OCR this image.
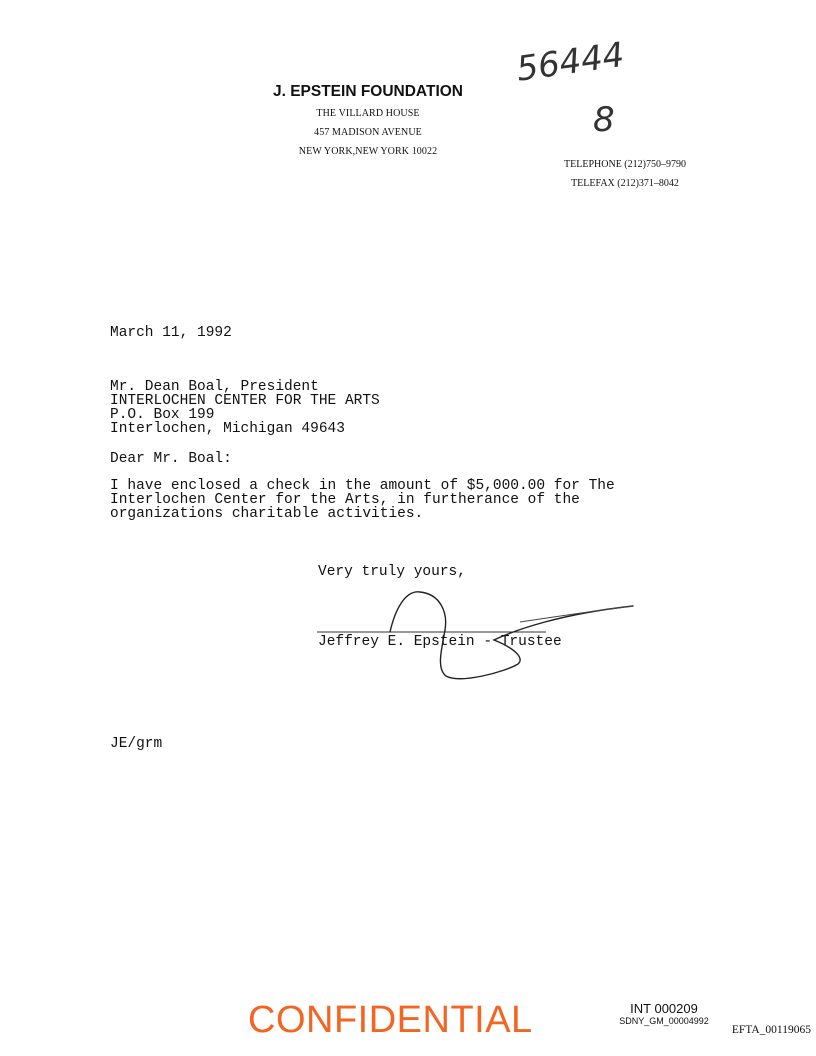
J. EPSTEIN FOUNDATION
THE VILLARD HOUSE
457 MADISON AVENUE
NEW YORK,NEW YORK 10022
TELEPHONE (212)750–9790
TELEFAX (212)371–8042
56444
8
March 11, 1992
Mr. Dean Boal, President
INTERLOCHEN CENTER FOR THE ARTS
P.O. Box 199
Interlochen, Michigan 49643
Dear Mr. Boal:
I have enclosed a check in the amount of $5,000.00 for The
Interlochen Center for the Arts, in furtherance of the
organizations charitable activities.
Very truly yours,
Jeffrey E. Epstein - Trustee
JE/grm
CONFIDENTIAL	INT 000209
SDNY_GM_00004992
EFTA_00119065
